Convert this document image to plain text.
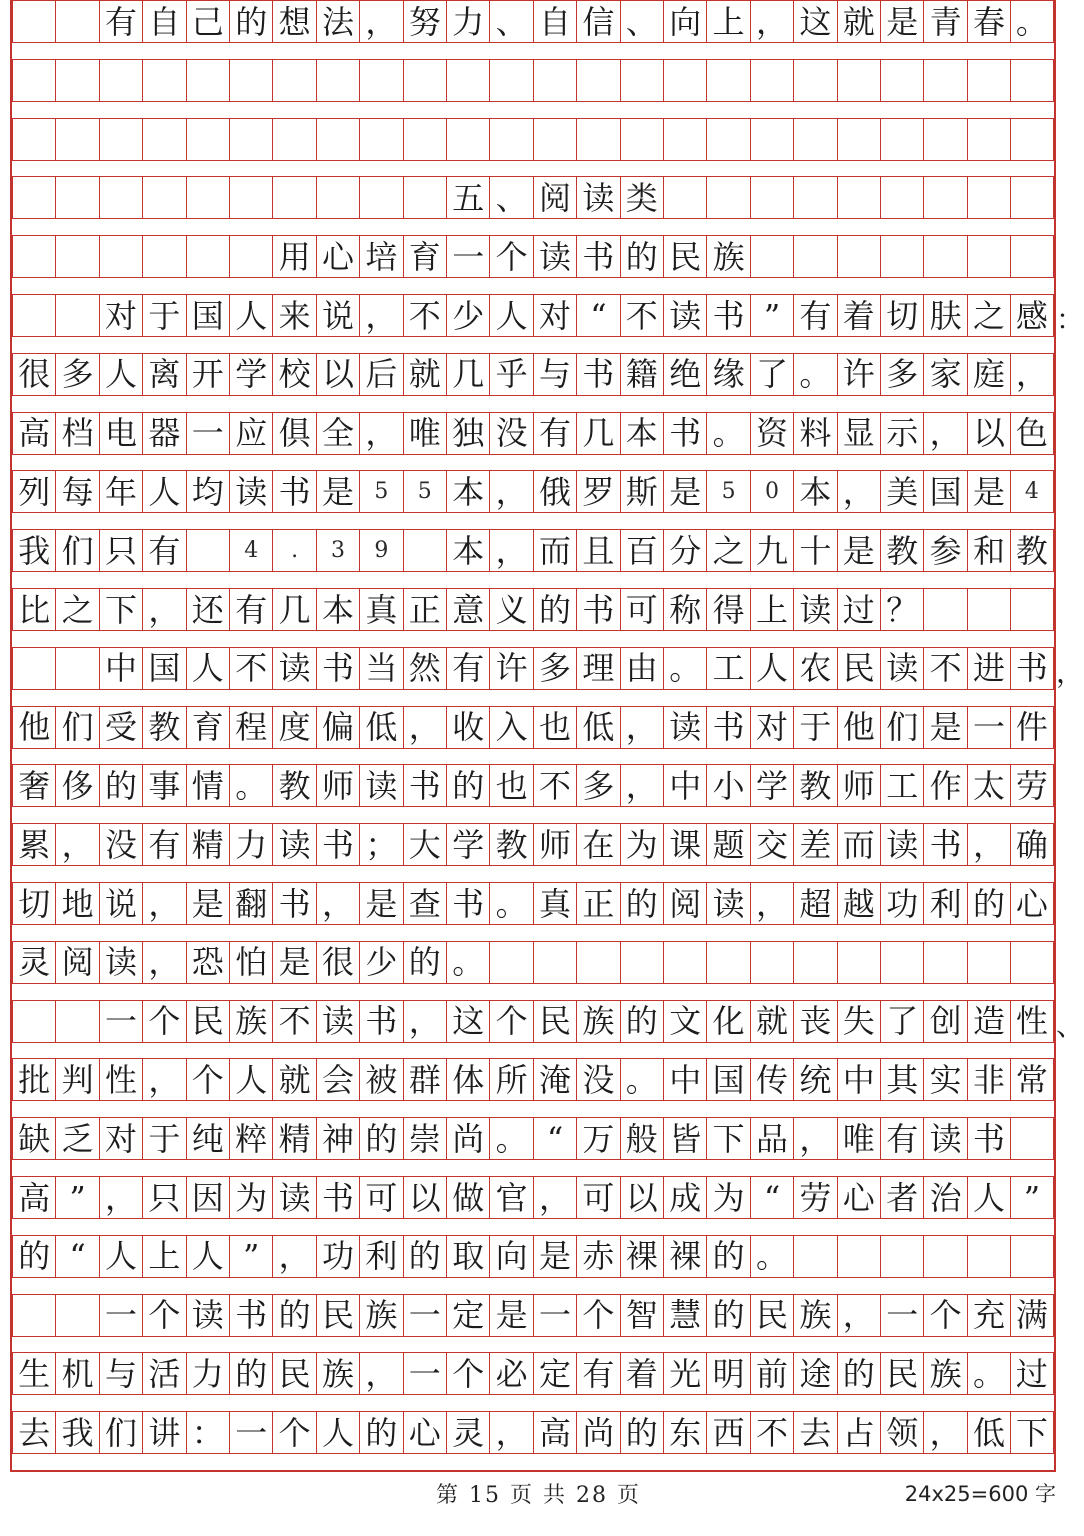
有 自 己 的 想 法 ， 努 力 、 自 信 、 向 上 ， 这 就 是 青 春 。
五 、 阅 读 类
用 心 培 育 一 个 读 书 的 民 族
对 于 国 人 来 说 ， 不 少 人 对 “ 不 读 书 ” 有 着 切 肤 之 感 ：
很 多 人 离 开 学 校 以 后 就 几 乎 与 书 籍 绝 缘 了 。 许 多 家 庭 ，
高 档 电 器 一 应 俱 全 ， 唯 独 没 有 几 本 书 。 资 料 显 示 ， 以 色
列 每 年 人 均 读 书 是 5	5 本 ， 俄 罗 斯 是 5	0 本 ， 美 国 是 4
我 们 只 有	4	.	3	9	本 ， 而 且 百 分 之 九 十 是 教 参 和 教
比 之 下 ， 还 有 几 本 真 正 意 义 的 书 可 称 得 上 读 过 ？
中 国 人 不 读 书 当 然 有 许 多 理 由 。 工 人 农 民 读 不 进 书 ，
他 们 受 教 育 程 度 偏 低 ， 收 入 也 低 ， 读 书 对 于 他 们 是 一 件
奢 侈 的 事 情 。 教 师 读 书 的 也 不 多 ， 中 小 学 教 师 工 作 太 劳
累 ， 没 有 精 力 读 书 ； 大 学 教 师 在 为 课 题 交 差 而 读 书 ， 确
切 地 说 ， 是 翻 书 ， 是 查 书 。 真 正 的 阅 读 ， 超 越 功 利 的 心
灵 阅 读 ， 恐 怕 是 很 少 的 。
一 个 民 族 不 读 书 ， 这 个 民 族 的 文 化 就 丧 失 了 创 造 性 、
批 判 性 ， 个 人 就 会 被 群 体 所 淹 没 。 中 国 传 统 中 其 实 非 常
缺 乏 对 于 纯 粹 精 神 的 崇 尚 。 “ 万 般 皆 下 品 ， 唯 有 读 书
高 ” ， 只 因 为 读 书 可 以 做 官 ， 可 以 成 为 “ 劳 心 者 治 人 ”
的 “ 人 上 人 ” ， 功 利 的 取 向 是 赤 裸 裸 的 。
一 个 读 书 的 民 族 一 定 是 一 个 智 慧 的 民 族 ， 一 个 充 满
生 机 与 活 力 的 民 族 ， 一 个 必 定 有 着 光 明 前 途 的 民 族 。 过
去 我 们 讲 ： 一 个 人 的 心 灵 ， 高 尚 的 东 西 不 去 占 领 ， 低 下
第 15 页 共 28 页	24x25=600 字
